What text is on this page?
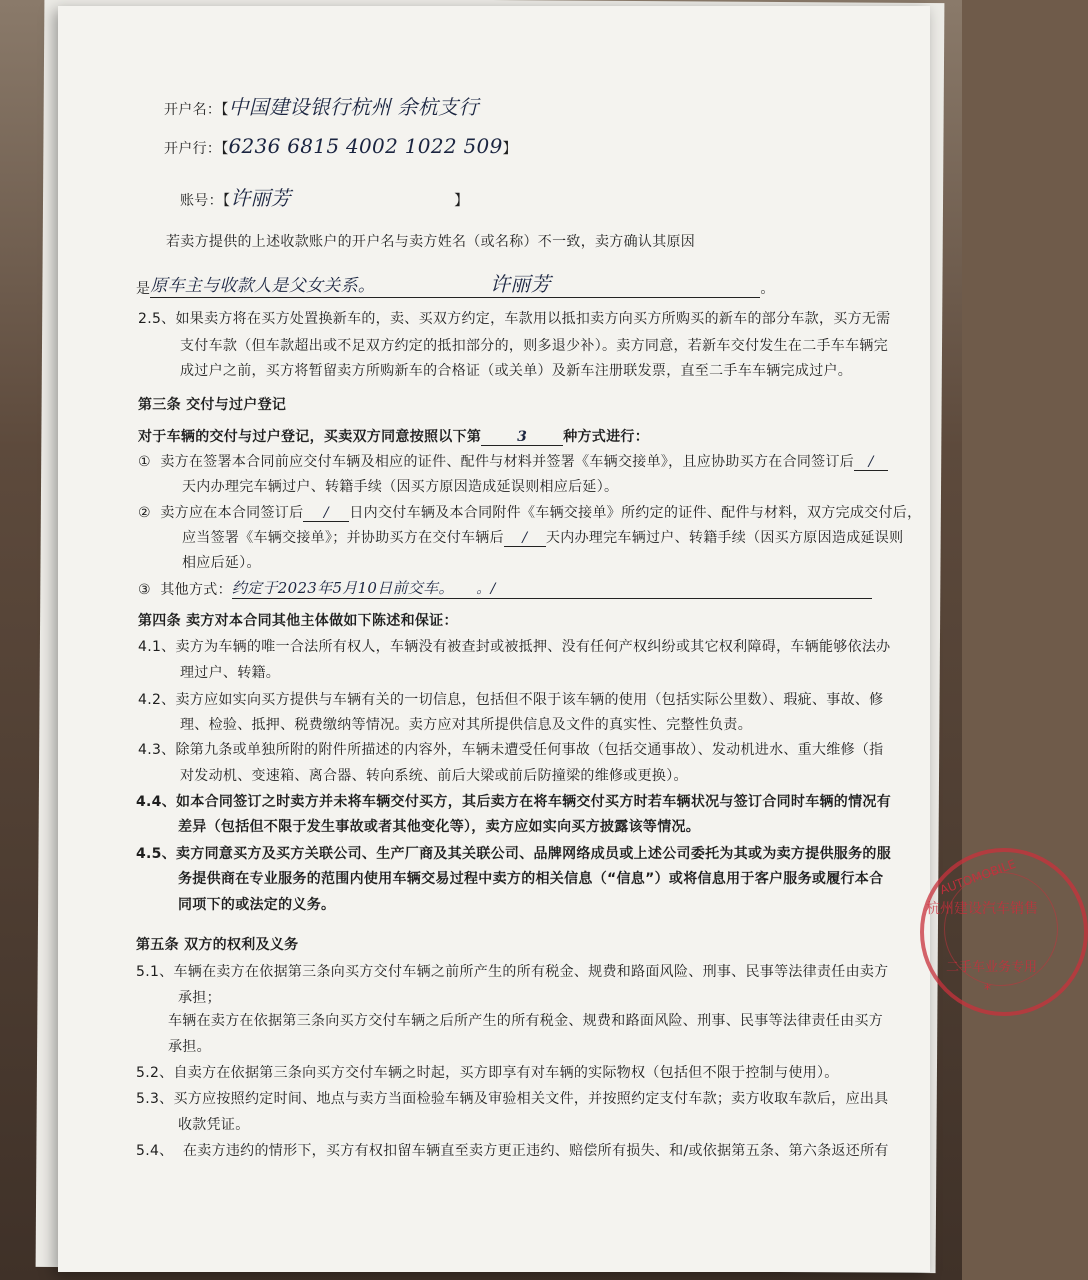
开户名：【中国建设银行杭州 余杭支行
开户行：【6236 6815 4002 1022 509】
账号：【许丽芳	】
若卖方提供的上述收款账户的开户名与卖方姓名（或名称）不一致，卖方确认其原因
是原车主与收款人是父女关系。	许丽芳	。
2.5、如果卖方将在买方处置换新车的，卖、买双方约定，车款用以抵扣卖方向买方所购买的新车的部分车款，买方无需
支付车款（但车款超出或不足双方约定的抵扣部分的，则多退少补）。卖方同意，若新车交付发生在二手车车辆完
成过户之前，买方将暂留卖方所购新车的合格证（或关单）及新车注册联发票，直至二手车车辆完成过户。
第三条 交付与过户登记
对于车辆的交付与过户登记，买卖双方同意按照以下第	3	种方式进行：
① 卖方在签署本合同前应交付车辆及相应的证件、配件与材料并签署《车辆交接单》，且应协助买方在合同签订后 /
天内办理完车辆过户、转籍手续（因买方原因造成延误则相应后延）。
② 卖方应在本合同签订后 / 日内交付车辆及本合同附件《车辆交接单》所约定的证件、配件与材料，双方完成交付后，
应当签署《车辆交接单》；并协助买方在交付车辆后 / 天内办理完车辆过户、转籍手续（因买方原因造成延误则
相应后延）。
③ 其他方式：约定于2023年5月10日前交车。 。/
第四条 卖方对本合同其他主体做如下陈述和保证：
4.1、卖方为车辆的唯一合法所有权人，车辆没有被查封或被抵押、没有任何产权纠纷或其它权利障碍，车辆能够依法办
理过户、转籍。
4.2、卖方应如实向买方提供与车辆有关的一切信息，包括但不限于该车辆的使用（包括实际公里数）、瑕疵、事故、修
理、检验、抵押、税费缴纳等情况。卖方应对其所提供信息及文件的真实性、完整性负责。
4.3、除第九条或单独所附的附件所描述的内容外，车辆未遭受任何事故（包括交通事故）、发动机进水、重大维修（指
对发动机、变速箱、离合器、转向系统、前后大梁或前后防撞梁的维修或更换）。
4.4、如本合同签订之时卖方并未将车辆交付买方，其后卖方在将车辆交付买方时若车辆状况与签订合同时车辆的情况有
差异（包括但不限于发生事故或者其他变化等），卖方应如实向买方披露该等情况。
4.5、卖方同意买方及买方关联公司、生产厂商及其关联公司、品牌网络成员或上述公司委托为其或为卖方提供服务的服
务提供商在专业服务的范围内使用车辆交易过程中卖方的相关信息（“信息”）或将信息用于客户服务或履行本合
同项下的或法定的义务。
第五条 双方的权利及义务
5.1、车辆在卖方在依据第三条向买方交付车辆之前所产生的所有税金、规费和路面风险、刑事、民事等法律责任由卖方
承担；
车辆在卖方在依据第三条向买方交付车辆之后所产生的所有税金、规费和路面风险、刑事、民事等法律责任由买方
承担。
5.2、自卖方在依据第三条向买方交付车辆之时起，买方即享有对车辆的实际物权（包括但不限于控制与使用）。
5.3、买方应按照约定时间、地点与卖方当面检验车辆及审验相关文件，并按照约定支付车款；卖方收取车款后，应出具
收款凭证。
5.4、 在卖方违约的情形下，买方有权扣留车辆直至卖方更正违约、赔偿所有损失、和/或依据第五条、第六条返还所有
AUTOMOBILE
杭州建设汽车销售
二手车业务专用
*
